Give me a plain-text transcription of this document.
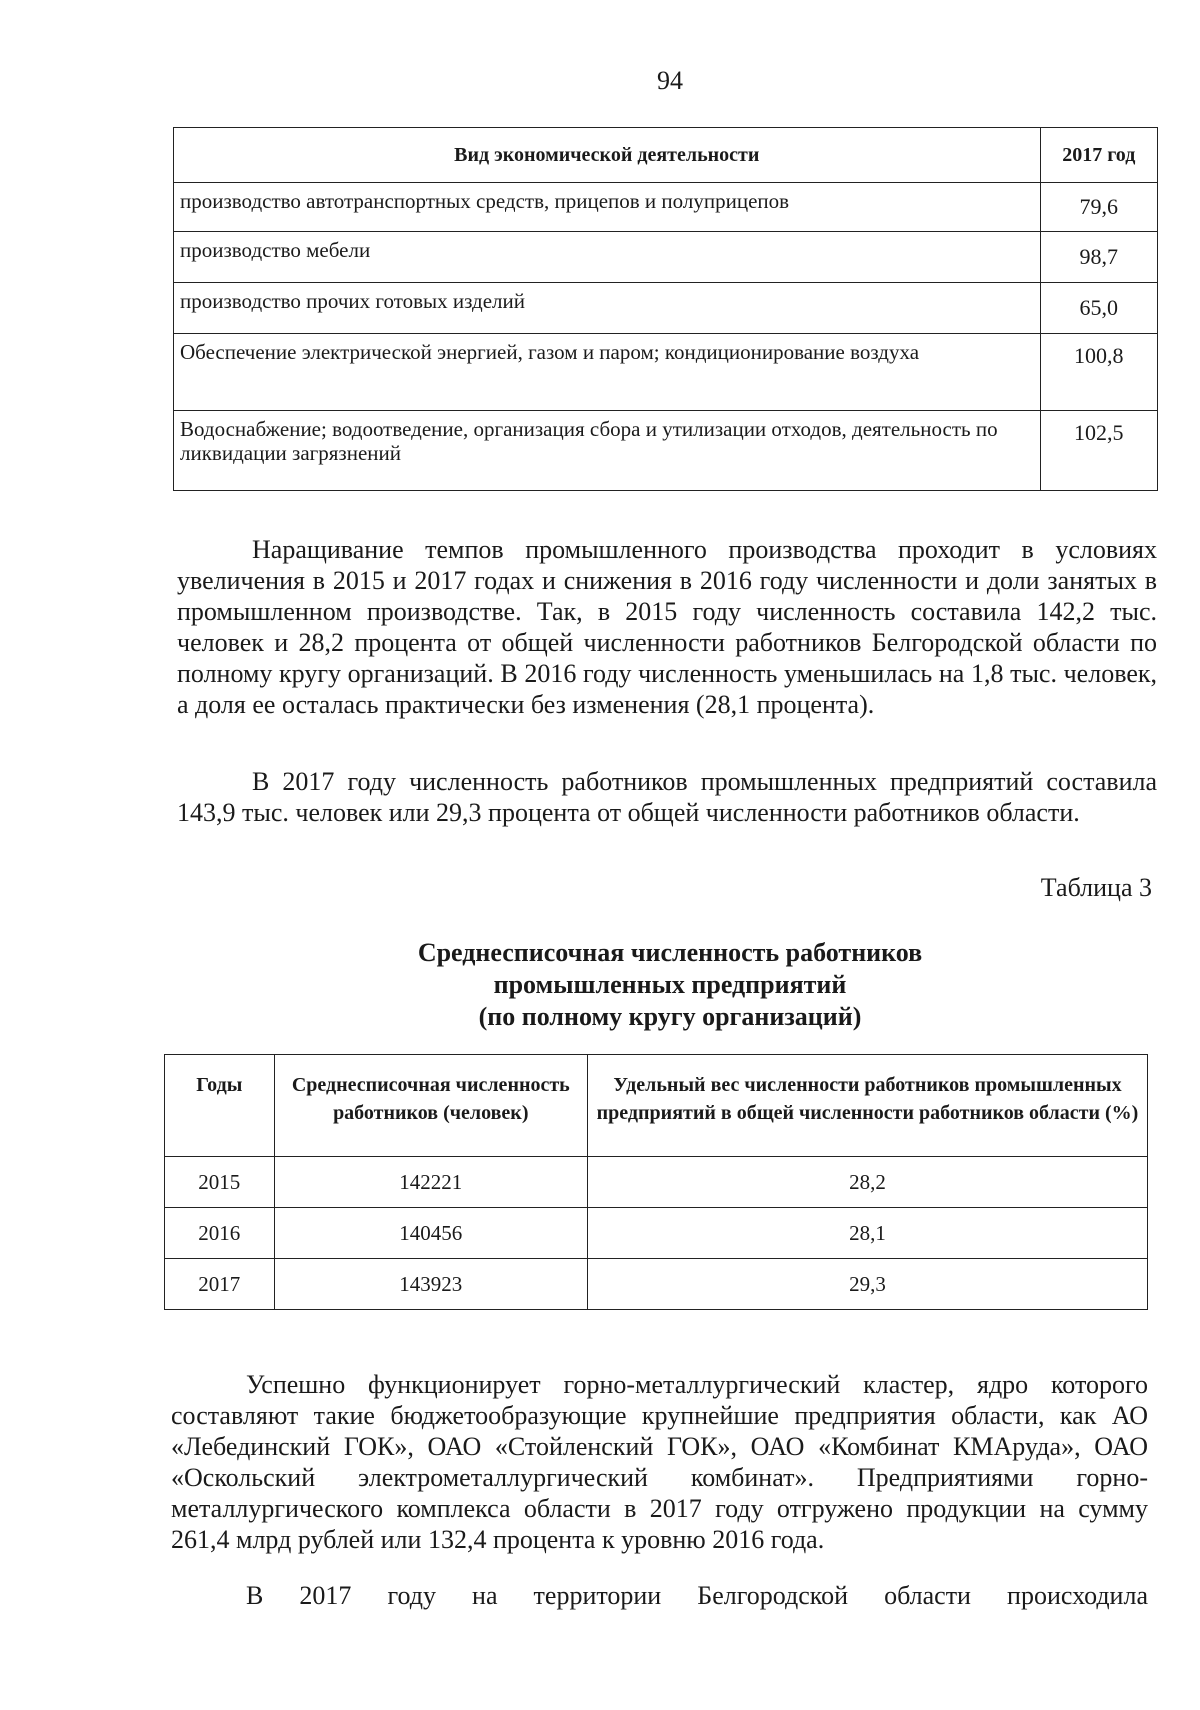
94
Вид экономической деятельности	2017 год
производство автотранспортных средств, прицепов и полуприцепов	79,6
производство мебели	98,7
производство прочих готовых изделий	65,0
Обеспечение электрической энергией, газом и паром; кондиционирование воздуха	100,8
Водоснабжение; водоотведение, организация сбора и утилизации отходов, деятельность по ликвидации загрязнений	102,5

Наращивание темпов промышленного производства проходит в условиях увеличения в 2015 и 2017 годах и снижения в 2016 году численности и доли занятых в промышленном производстве. Так, в 2015 году численность составила 142,2 тыс. человек и 28,2 процента от общей численности работников Белгородской области по полному кругу организаций. В 2016 году численность уменьшилась на 1,8 тыс. человек, а доля ее осталась практически без изменения (28,1 процента).

В 2017 году численность работников промышленных предприятий составила 143,9 тыс. человек или 29,3 процента от общей численности работников области.

Таблица 3
Среднесписочная численность работников
промышленных предприятий
(по полному кругу организаций)
Годы	Среднесписочная численность работников (человек)	Удельный вес численности работников промышленных предприятий в общей численности работников области (%)
2015	142221	28,2
2016	140456	28,1
2017	143923	29,3

Успешно функционирует горно-металлургический кластер, ядро которого составляют такие бюджетообразующие крупнейшие предприятия области, как АО «Лебединский ГОК», ОАО «Стойленский ГОК», ОАО «Комбинат КМАруда», ОАО «Оскольский электрометаллургический комбинат». Предприятиями горно-металлургического комплекса области в 2017 году отгружено продукции на сумму 261,4 млрд рублей или 132,4 процента к уровню 2016 года.

В 2017 году на территории Белгородской области происходила
